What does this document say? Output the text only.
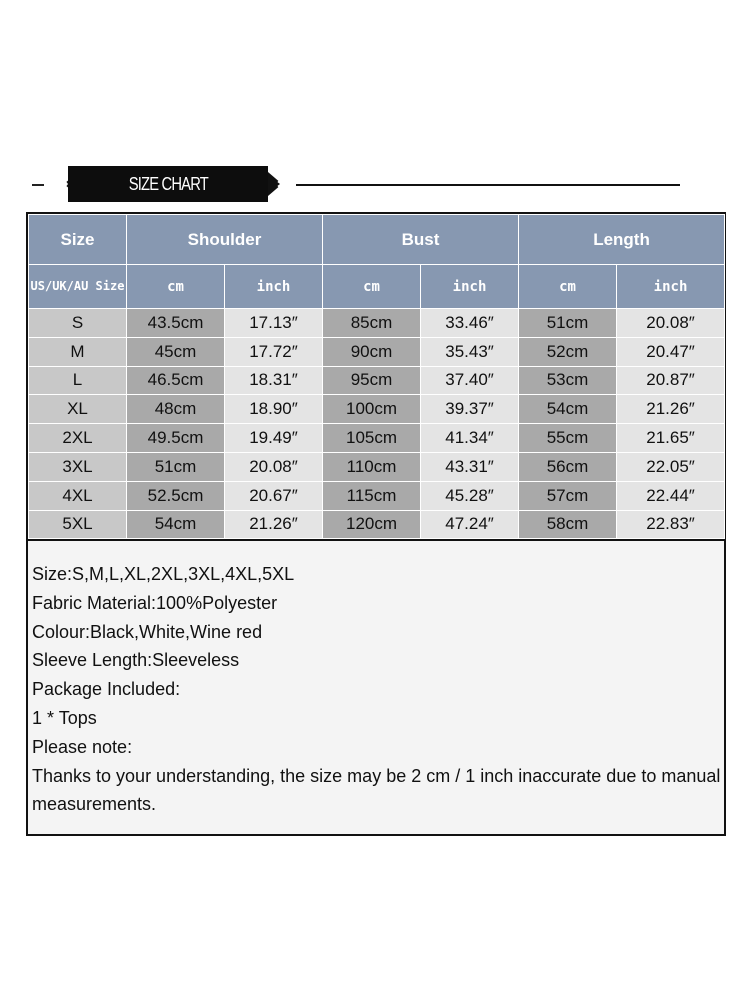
SIZE CHART
Size	Shoulder		Bust		Length	
US/UK/AU Size	cm	inch	cm	inch	cm	inch
S	43.5cm	17.13″	85cm	33.46″	51cm	20.08″
M	45cm	17.72″	90cm	35.43″	52cm	20.47″
L	46.5cm	18.31″	95cm	37.40″	53cm	20.87″
XL	48cm	18.90″	100cm	39.37″	54cm	21.26″
2XL	49.5cm	19.49″	105cm	41.34″	55cm	21.65″
3XL	51cm	20.08″	110cm	43.31″	56cm	22.05″
4XL	52.5cm	20.67″	115cm	45.28″	57cm	22.44″
5XL	54cm	21.26″	120cm	47.24″	58cm	22.83″
Size:S,M,L,XL,2XL,3XL,4XL,5XL
Fabric Material:100%Polyester
Colour:Black,White,Wine red
Sleeve Length:Sleeveless
Package Included:
1 * Tops
Please note:
Thanks to your understanding, the size may be 2 cm / 1 inch inaccurate due to manual measurements.
